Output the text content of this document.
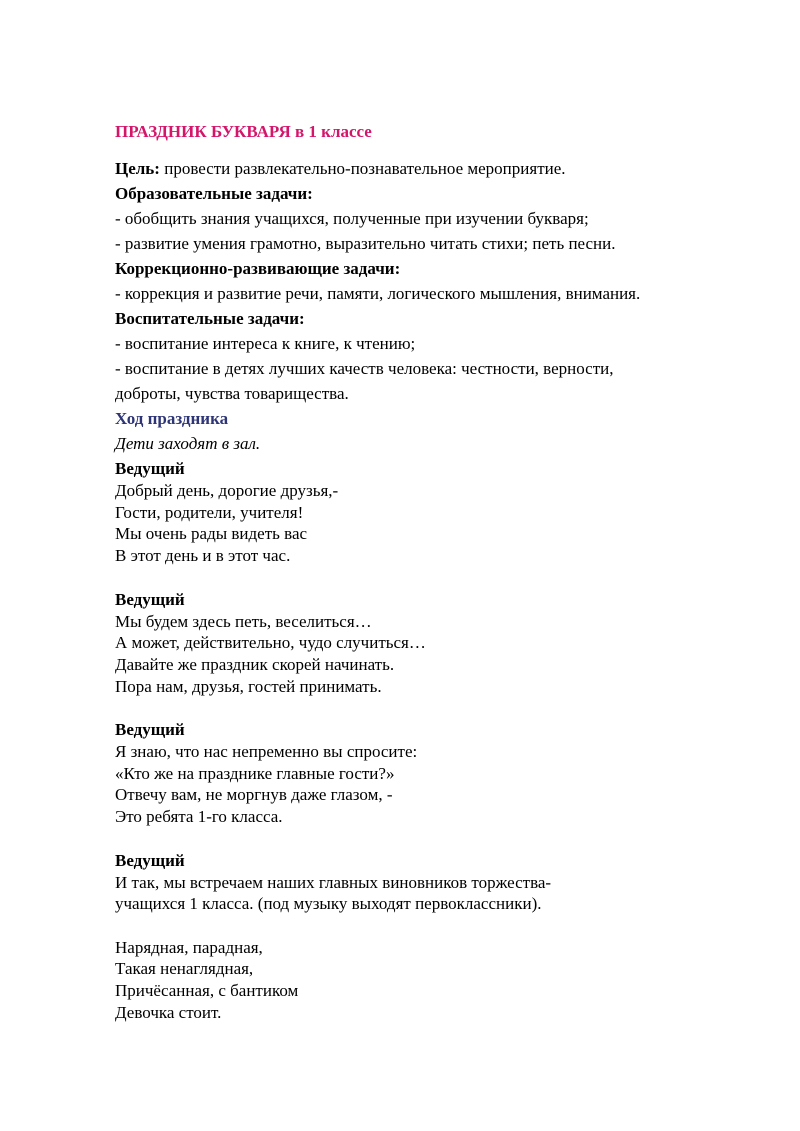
ПРАЗДНИК БУКВАРЯ в 1 классе

Цель: провести развлекательно-познавательное мероприятие.

Образовательные задачи:

- обобщить знания учащихся, полученные при изучении букваря;

- развитие умения грамотно, выразительно читать стихи; петь песни.

Коррекционно-развивающие задачи:

- коррекция и развитие речи, памяти, логического мышления, внимания.

Воспитательные задачи:

- воспитание интереса к книге, к чтению;

- воспитание в детях лучших качеств человека: честности, верности,

доброты, чувства товарищества.

Ход праздника

Дети заходят в зал.

Ведущий

Добрый день, дорогие друзья,-

Гости, родители, учителя!

Мы очень рады видеть вас

В этот день и в этот час.

Ведущий

Мы будем здесь петь, веселиться…

А может, действительно, чудо случиться…

Давайте же праздник скорей начинать.

Пора нам, друзья, гостей принимать.

Ведущий

Я знаю, что нас непременно вы спросите:

«Кто же на празднике главные гости?»

Отвечу вам, не моргнув даже глазом, -

Это ребята 1-го класса.

Ведущий

И так, мы встречаем наших главных виновников торжества-

учащихся 1 класса. (под музыку выходят первоклассники).

Нарядная, парадная,

Такая ненаглядная,

Причёсанная, с бантиком

Девочка стоит.
